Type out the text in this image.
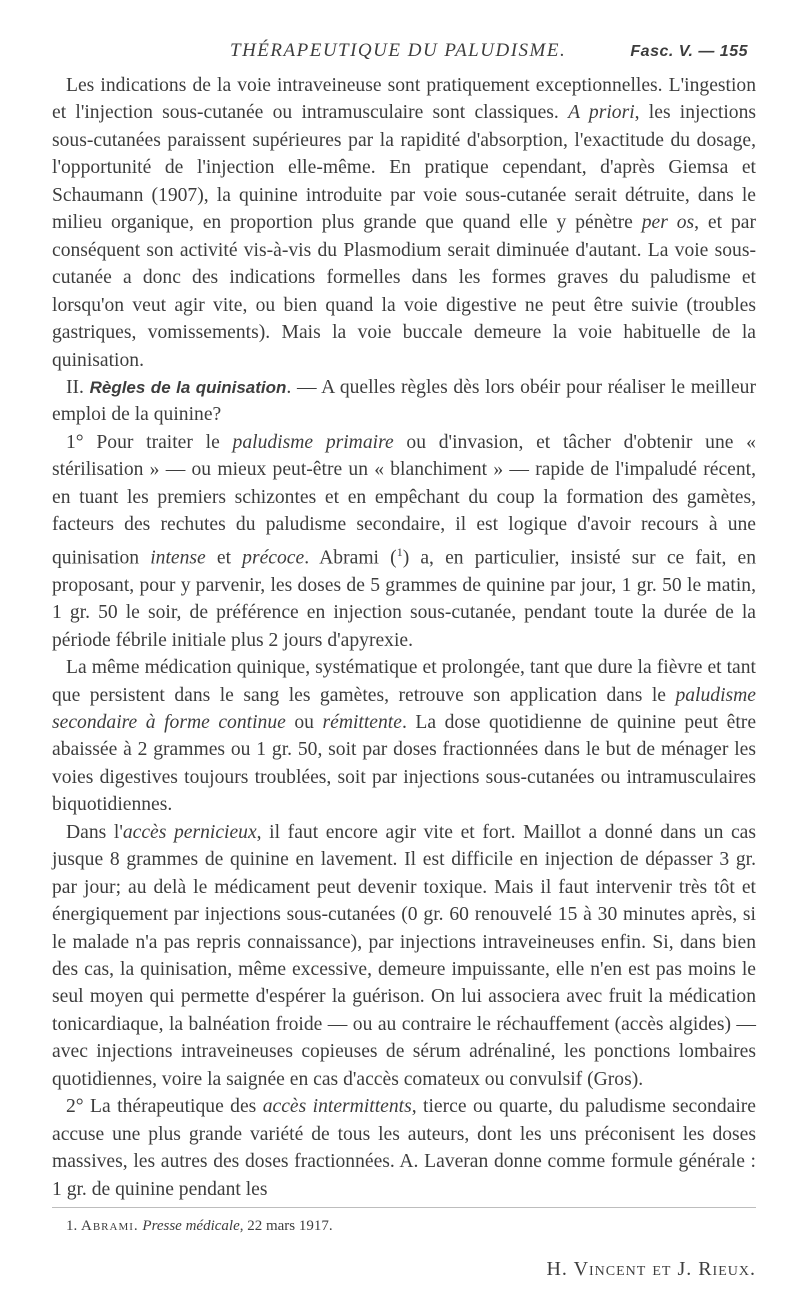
THÉRAPEUTIQUE DU PALUDISME.	Fasc. V. — 155

Les indications de la voie intraveineuse sont pratiquement exceptionnelles. L'ingestion et l'injection sous-cutanée ou intramusculaire sont classiques. A priori, les injections sous-cutanées paraissent supérieures par la rapidité d'absorption, l'exactitude du dosage, l'opportunité de l'injection elle-même. En pratique cependant, d'après Giemsa et Schaumann (1907), la quinine introduite par voie sous-cutanée serait détruite, dans le milieu organique, en proportion plus grande que quand elle y pénètre per os, et par conséquent son activité vis-à-vis du Plasmodium serait diminuée d'autant. La voie sous-cutanée a donc des indications formelles dans les formes graves du paludisme et lorsqu'on veut agir vite, ou bien quand la voie digestive ne peut être suivie (troubles gastriques, vomissements). Mais la voie buccale demeure la voie habituelle de la quinisation.

II. Règles de la quinisation. — A quelles règles dès lors obéir pour réaliser le meilleur emploi de la quinine?

1° Pour traiter le paludisme primaire ou d'invasion, et tâcher d'obtenir une « stérilisation » — ou mieux peut-être un « blanchiment » — rapide de l'impaludé récent, en tuant les premiers schizontes et en empêchant du coup la formation des gamètes, facteurs des rechutes du paludisme secondaire, il est logique d'avoir recours à une quinisation intense et précoce. Abrami ($^1$) a, en particulier, insisté sur ce fait, en proposant, pour y parvenir, les doses de 5 grammes de quinine par jour, 1 gr. 50 le matin, 1 gr. 50 le soir, de préférence en injection sous-cutanée, pendant toute la durée de la période fébrile initiale plus 2 jours d'apyrexie.

La même médication quinique, systématique et prolongée, tant que dure la fièvre et tant que persistent dans le sang les gamètes, retrouve son application dans le paludisme secondaire à forme continue ou rémittente. La dose quotidienne de quinine peut être abaissée à 2 grammes ou 1 gr. 50, soit par doses fractionnées dans le but de ménager les voies digestives toujours troublées, soit par injections sous-cutanées ou intramusculaires biquotidiennes.

Dans l'accès pernicieux, il faut encore agir vite et fort. Maillot a donné dans un cas jusque 8 grammes de quinine en lavement. Il est difficile en injection de dépasser 3 gr. par jour; au delà le médicament peut devenir toxique. Mais il faut intervenir très tôt et énergiquement par injections sous-cutanées (0 gr. 60 renouvelé 15 à 30 minutes après, si le malade n'a pas repris connaissance), par injections intraveineuses enfin. Si, dans bien des cas, la quinisation, même excessive, demeure impuissante, elle n'en est pas moins le seul moyen qui permette d'espérer la guérison. On lui associera avec fruit la médication tonicardiaque, la balnéation froide — ou au contraire le réchauffement (accès algides) — avec injections intraveineuses copieuses de sérum adrénaliné, les ponctions lombaires quotidiennes, voire la saignée en cas d'accès comateux ou convulsif (Gros).

2° La thérapeutique des accès intermittents, tierce ou quarte, du paludisme secondaire accuse une plus grande variété de tous les auteurs, dont les uns préconisent les doses massives, les autres des doses fractionnées. A. Laveran donne comme formule générale : 1 gr. de quinine pendant les

1. Abrami. Presse médicale, 22 mars 1917.
H. Vincent et J. Rieux.
